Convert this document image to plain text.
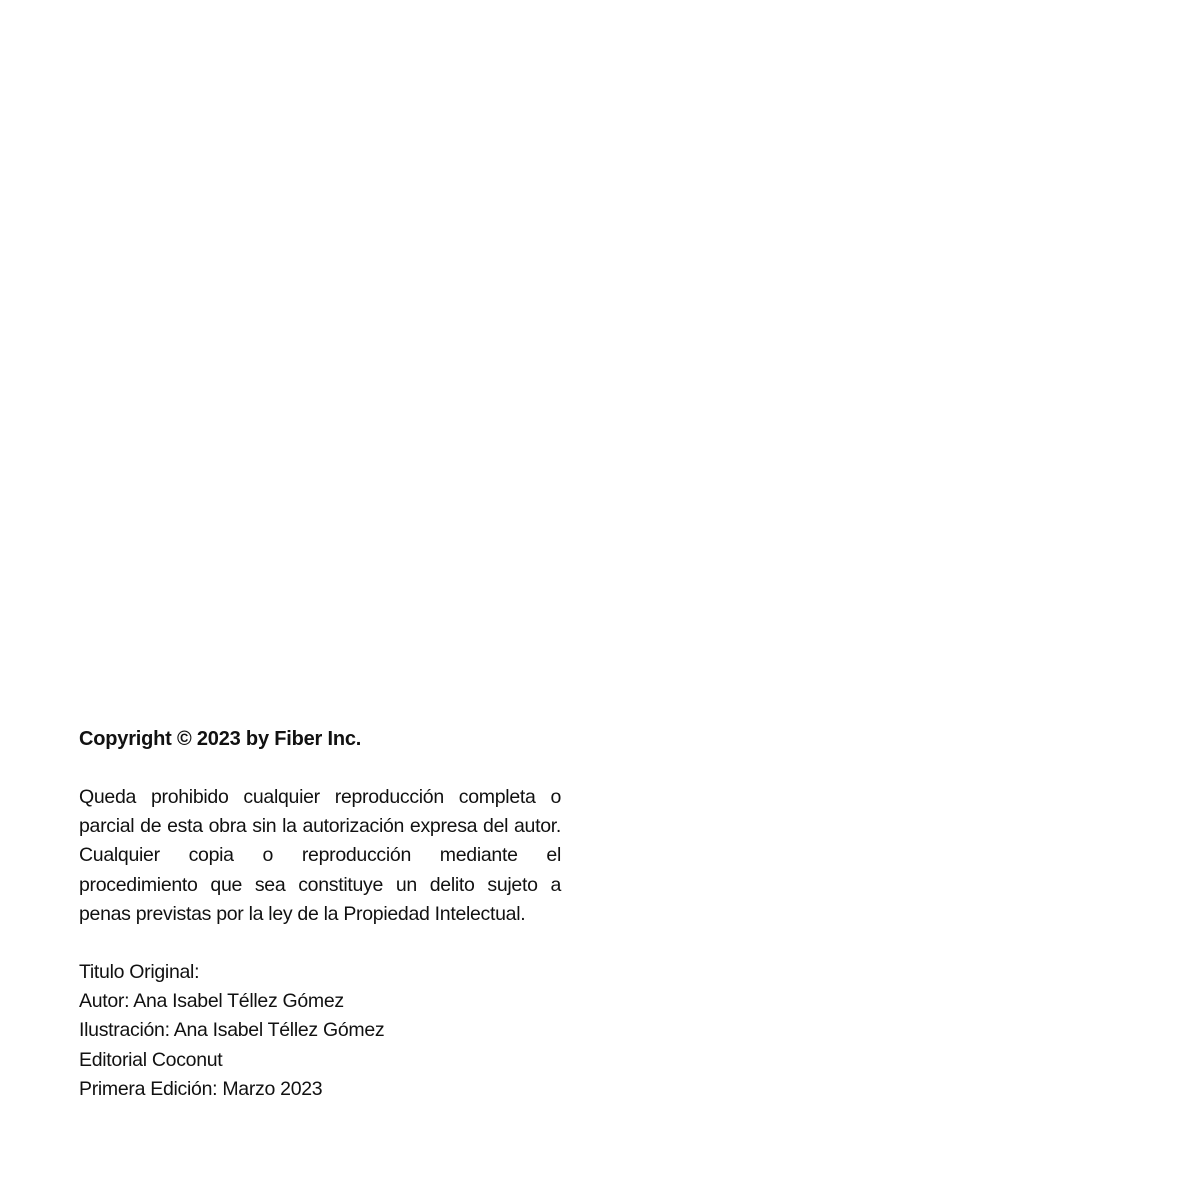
Copyright © 2023 by Fiber Inc.

Queda prohibido cualquier reproducción completa o parcial de esta obra sin la autorización expresa del autor. Cualquier copia o reproducción mediante el procedimiento que sea constituye un delito sujeto a penas previstas por la ley de la Propiedad Intelectual.

Titulo Original:
Autor: Ana Isabel Téllez Gómez
Ilustración: Ana Isabel Téllez Gómez
Editorial Coconut
Primera Edición: Marzo 2023
